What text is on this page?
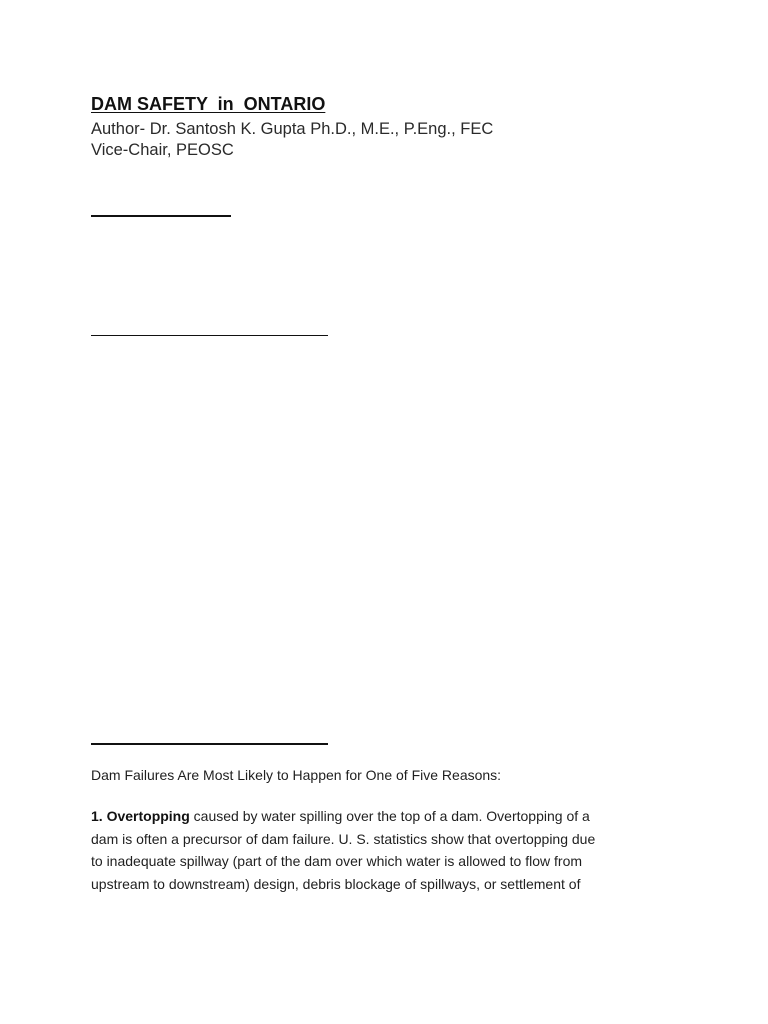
DAM SAFETY  in  ONTARIO
Author- Dr. Santosh K. Gupta Ph.D., M.E., P.Eng., FEC
Vice-Chair, PEOSC
Dam Failures Are Most Likely to Happen for One of Five Reasons:
1. Overtopping caused by water spilling over the top of a dam. Overtopping of a
dam is often a precursor of dam failure. U. S. statistics show that overtopping due
to inadequate spillway (part of the dam over which water is allowed to flow from
upstream to downstream) design, debris blockage of spillways, or settlement of
